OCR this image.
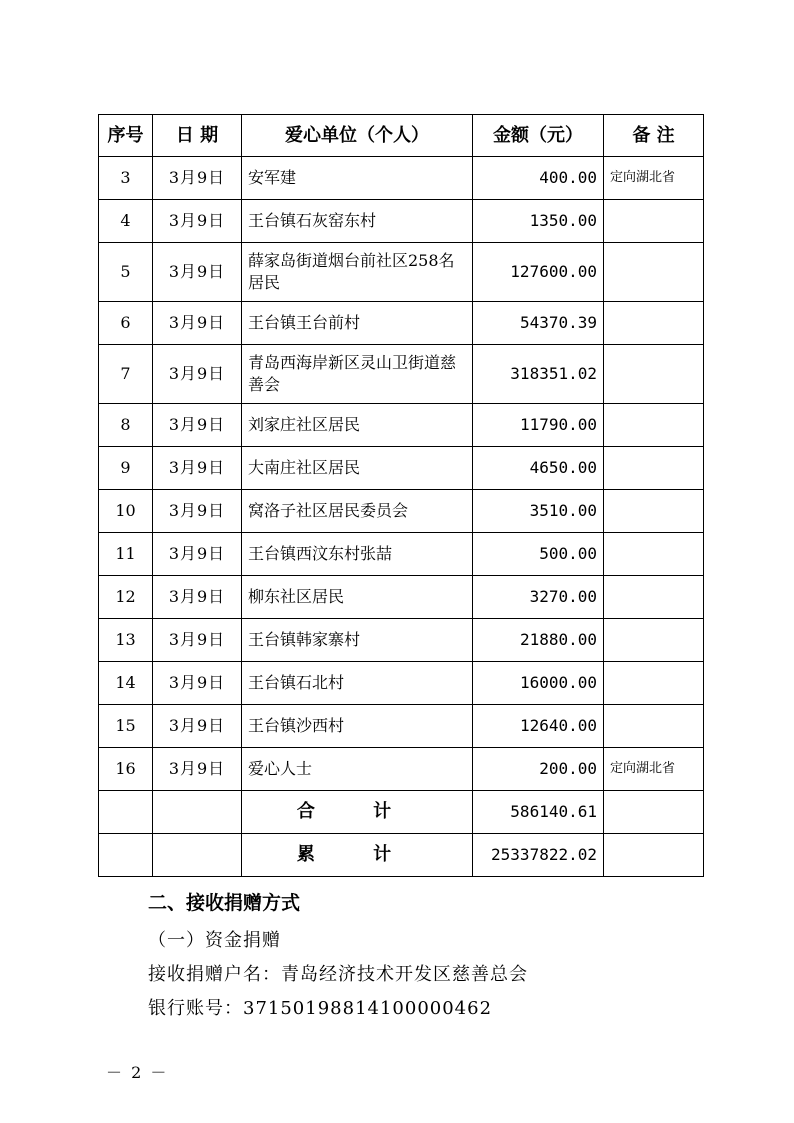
序号	日 期	爱心单位（个人）	金额（元）	备 注
3	3月9日	安军建	400.00	定向湖北省
4	3月9日	王台镇石灰窑东村	1350.00	
5	3月9日	薛家岛街道烟台前社区258名居民	127600.00	
6	3月9日	王台镇王台前村	54370.39	
7	3月9日	青岛西海岸新区灵山卫街道慈善会	318351.02	
8	3月9日	刘家庄社区居民	11790.00	
9	3月9日	大南庄社区居民	4650.00	
10	3月9日	窝洛子社区居民委员会	3510.00	
11	3月9日	王台镇西汶东村张喆	500.00	
12	3月9日	柳东社区居民	3270.00	
13	3月9日	王台镇韩家寨村	21880.00	
14	3月9日	王台镇石北村	16000.00	
15	3月9日	王台镇沙西村	12640.00	
16	3月9日	爱心人士	200.00	定向湖北省
		合 计	586140.61	
		累 计	25337822.02	
二、接收捐赠方式
（一）资金捐赠
接收捐赠户名：青岛经济技术开发区慈善总会
银行账号：37150198814100000462
－ 2 －
